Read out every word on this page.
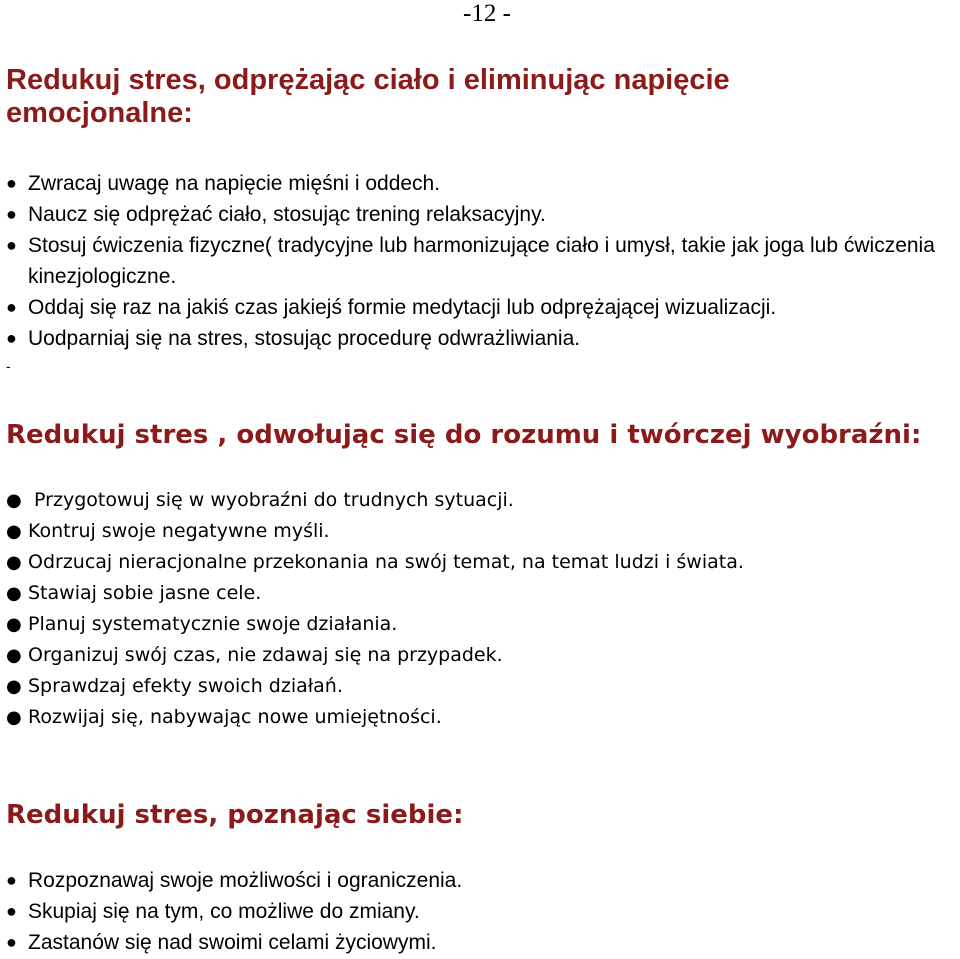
-12 -
Redukuj stres, odprężając ciało i eliminując napięcie emocjonalne:
● Zwracaj uwagę na napięcie mięśni i oddech.
● Naucz się odprężać ciało, stosując trening relaksacyjny.
● Stosuj ćwiczenia fizyczne( tradycyjne lub harmonizujące ciało i umysł, takie jak joga lub ćwiczenia kinezjologiczne.
● Oddaj się raz na jakiś czas jakiejś formie medytacji lub odprężającej wizualizacji.
● Uodparniaj się na stres, stosując procedurę odwrażliwiania.
-
Redukuj stres , odwołując się do rozumu i twórczej wyobraźni:
● Przygotowuj się w wyobraźni do trudnych sytuacji.
● Kontruj swoje negatywne myśli.
● Odrzucaj nieracjonalne przekonania na swój temat, na temat ludzi i świata.
● Stawiaj sobie jasne cele.
● Planuj systematycznie swoje działania.
● Organizuj swój czas, nie zdawaj się na przypadek.
● Sprawdzaj efekty swoich działań.
● Rozwijaj się, nabywając nowe umiejętności.
Redukuj stres, poznając siebie:
● Rozpoznawaj swoje możliwości i ograniczenia.
● Skupiaj się na tym, co możliwe do zmiany.
● Zastanów się nad swoimi celami życiowymi.
